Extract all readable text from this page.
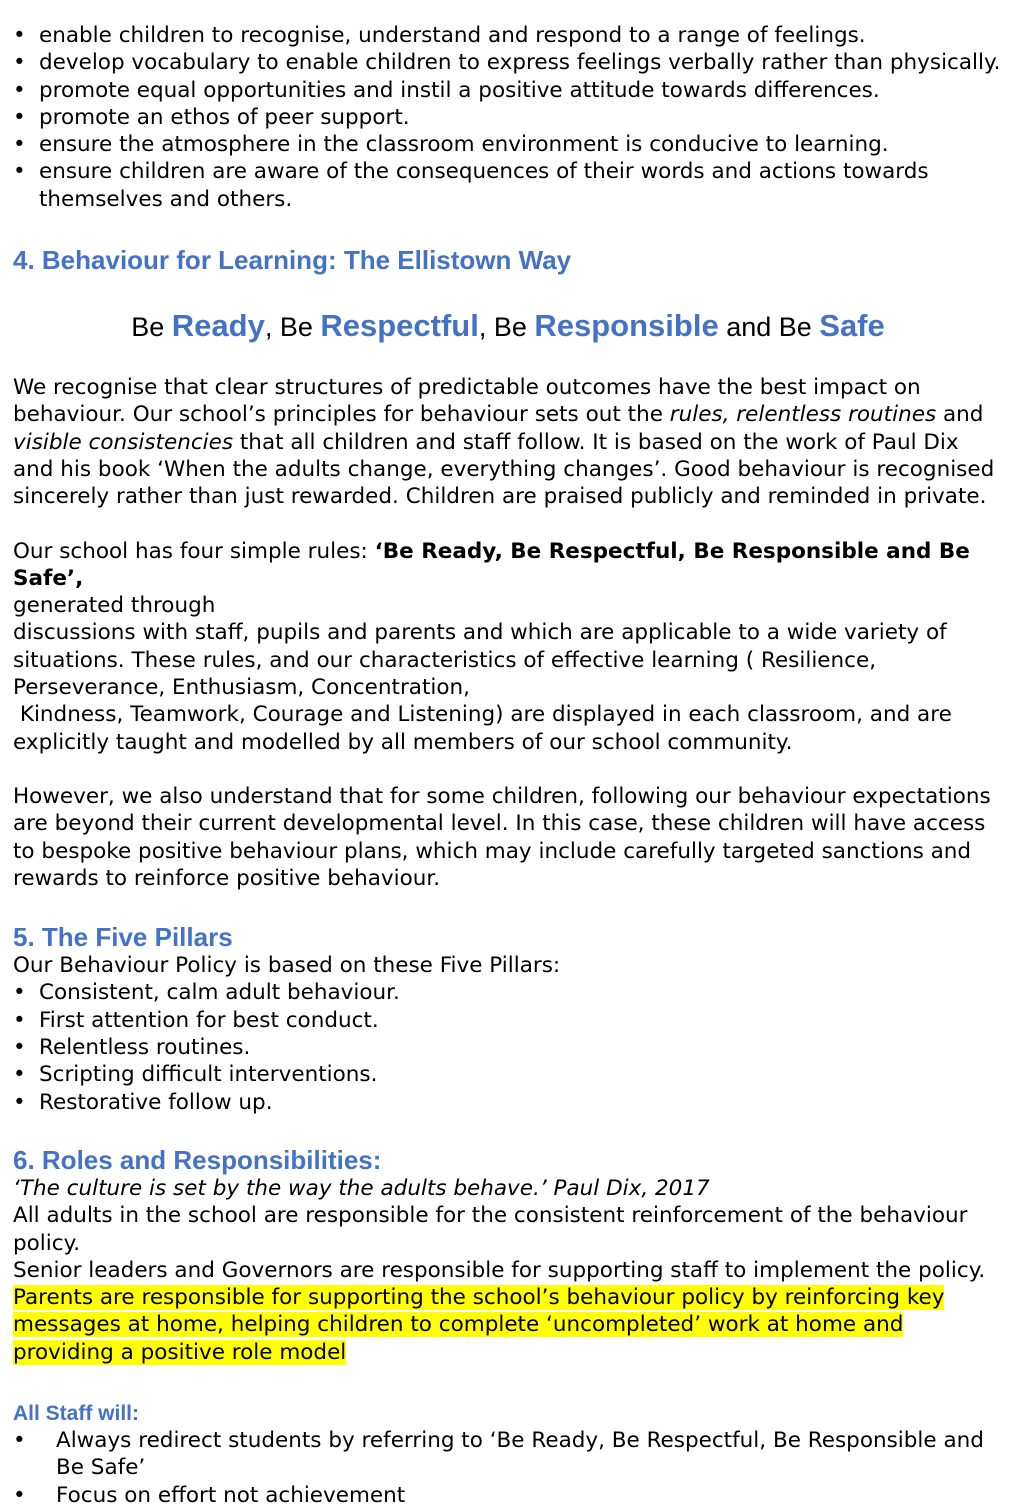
• enable children to recognise, understand and respond to a range of feelings.
• develop vocabulary to enable children to express feelings verbally rather than physically.
• promote equal opportunities and instil a positive attitude towards differences.
• promote an ethos of peer support.
• ensure the atmosphere in the classroom environment is conducive to learning.
• ensure children are aware of the consequences of their words and actions towards themselves and others.
4. Behaviour for Learning: The Ellistown Way
Be Ready, Be Respectful, Be Responsible and Be Safe

We recognise that clear structures of predictable outcomes have the best impact on behaviour. Our school’s principles for behaviour sets out the rules, relentless routines and visible consistencies that all children and staff follow. It is based on the work of Paul Dix and his book ‘When the adults change, everything changes’. Good behaviour is recognised sincerely rather than just rewarded. Children are praised publicly and reminded in private.

Our school has four simple rules: ‘Be Ready, Be Respectful, Be Responsible and Be Safe’,
generated through
discussions with staff, pupils and parents and which are applicable to a wide variety of situations. These rules, and our characteristics of effective learning ( Resilience, Perseverance, Enthusiasm, Concentration,
Kindness, Teamwork, Courage and Listening) are displayed in each classroom, and are explicitly taught and modelled by all members of our school community.

However, we also understand that for some children, following our behaviour expectations are beyond their current developmental level. In this case, these children will have access to bespoke positive behaviour plans, which may include carefully targeted sanctions and rewards to reinforce positive behaviour.

5. The Five Pillars
Our Behaviour Policy is based on these Five Pillars:
• Consistent, calm adult behaviour.
• First attention for best conduct.
• Relentless routines.
• Scripting difficult interventions.
• Restorative follow up.
6. Roles and Responsibilities:
‘The culture is set by the way the adults behave.’ Paul Dix, 2017
All adults in the school are responsible for the consistent reinforcement of the behaviour policy.
Senior leaders and Governors are responsible for supporting staff to implement the policy.
Parents are responsible for supporting the school’s behaviour policy by reinforcing key messages at home, helping children to complete ‘uncompleted’ work at home and providing a positive role model
All Staff will:
• Always redirect students by referring to ‘Be Ready, Be Respectful, Be Responsible and Be Safe’
• Focus on effort not achievement
